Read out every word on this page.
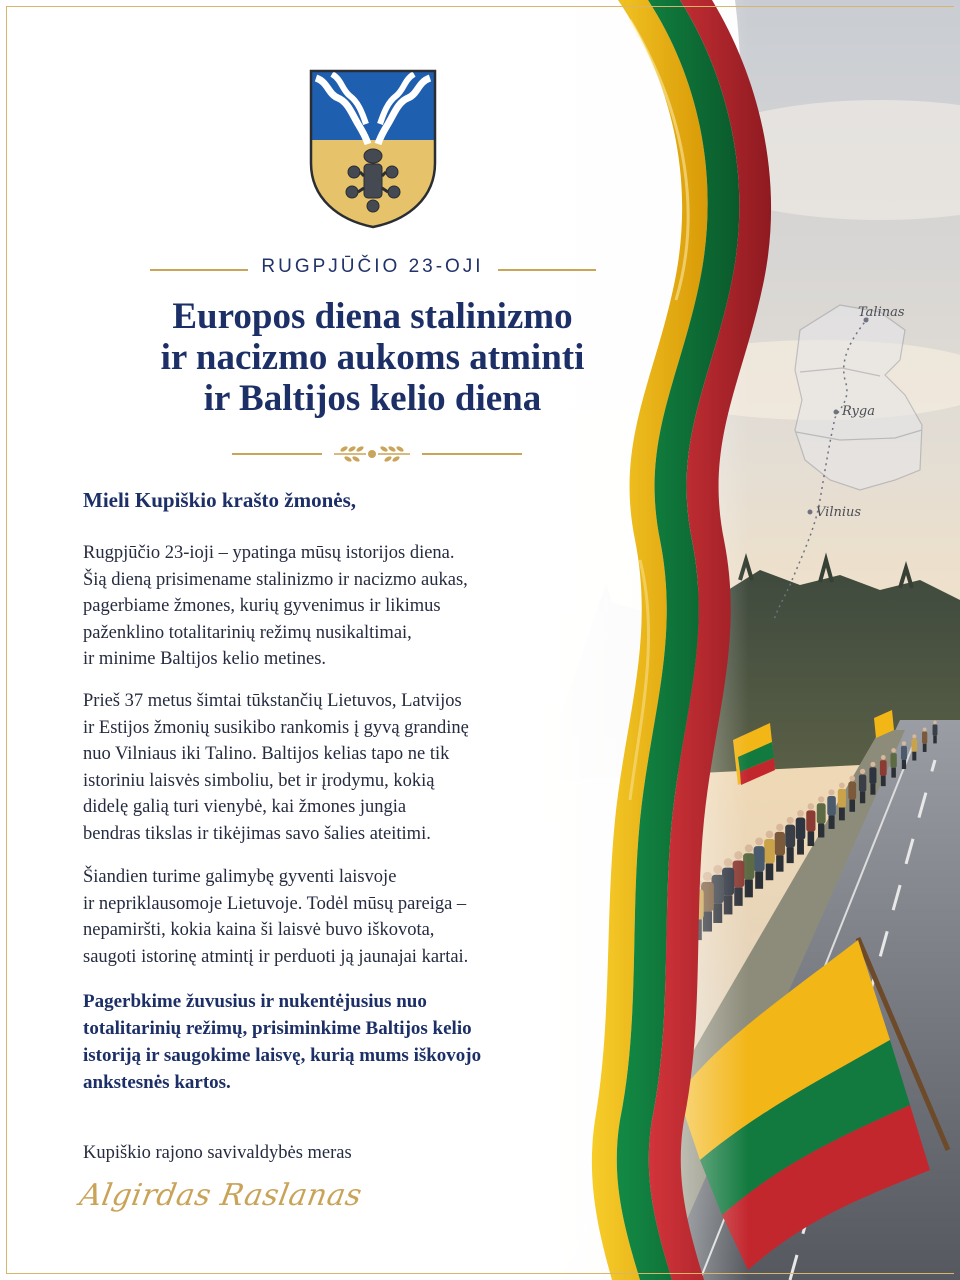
Talinas
Ryga
Vilnius
RUGPJŪČIO 23-OJI
Europos diena stalinizmo
ir nacizmo aukoms atminti
ir Baltijos kelio diena
Mieli Kupiškio krašto žmonės,
Rugpjūčio 23-ioji – ypatinga mūsų istorijos diena.
Šią dieną prisimename stalinizmo ir nacizmo aukas,
pagerbiame žmones, kurių gyvenimus ir likimus
paženklino totalitarinių režimų nusikaltimai,
ir minime Baltijos kelio metines.
Prieš 37 metus šimtai tūkstančių Lietuvos, Latvijos
ir Estijos žmonių susikibo rankomis į gyvą grandinę
nuo Vilniaus iki Talino. Baltijos kelias tapo ne tik
istoriniu laisvės simboliu, bet ir įrodymu, kokią
didelę galią turi vienybė, kai žmones jungia
bendras tikslas ir tikėjimas savo šalies ateitimi.
Šiandien turime galimybę gyventi laisvoje
ir nepriklausomoje Lietuvoje. Todėl mūsų pareiga –
nepamiršti, kokia kaina ši laisvė buvo iškovota,
saugoti istorinę atmintį ir perduoti ją jaunajai kartai.
Pagerbkime žuvusius ir nukentėjusius nuo
totalitarinių režimų, prisiminkime Baltijos kelio
istoriją ir saugokime laisvę, kurią mums iškovojo
ankstesnės kartos.
Kupiškio rajono savivaldybės meras
Algirdas Raslanas
